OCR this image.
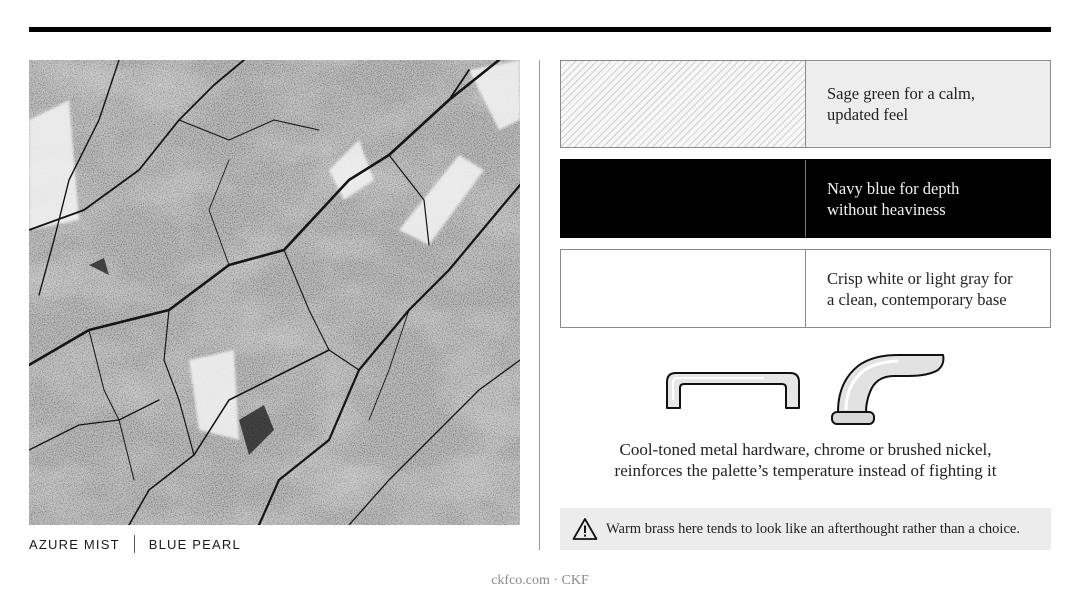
AZURE MIST BLUE PEARL
Sage green for a calm,
updated feel
Navy blue for depth
without heaviness
Crisp white or light gray for
a clean, contemporary base
Cool-toned metal hardware, chrome or brushed nickel,
reinforces the palette’s temperature instead of fighting it
Warm brass here tends to look like an afterthought rather than a choice.
ckfco.com · CKF
